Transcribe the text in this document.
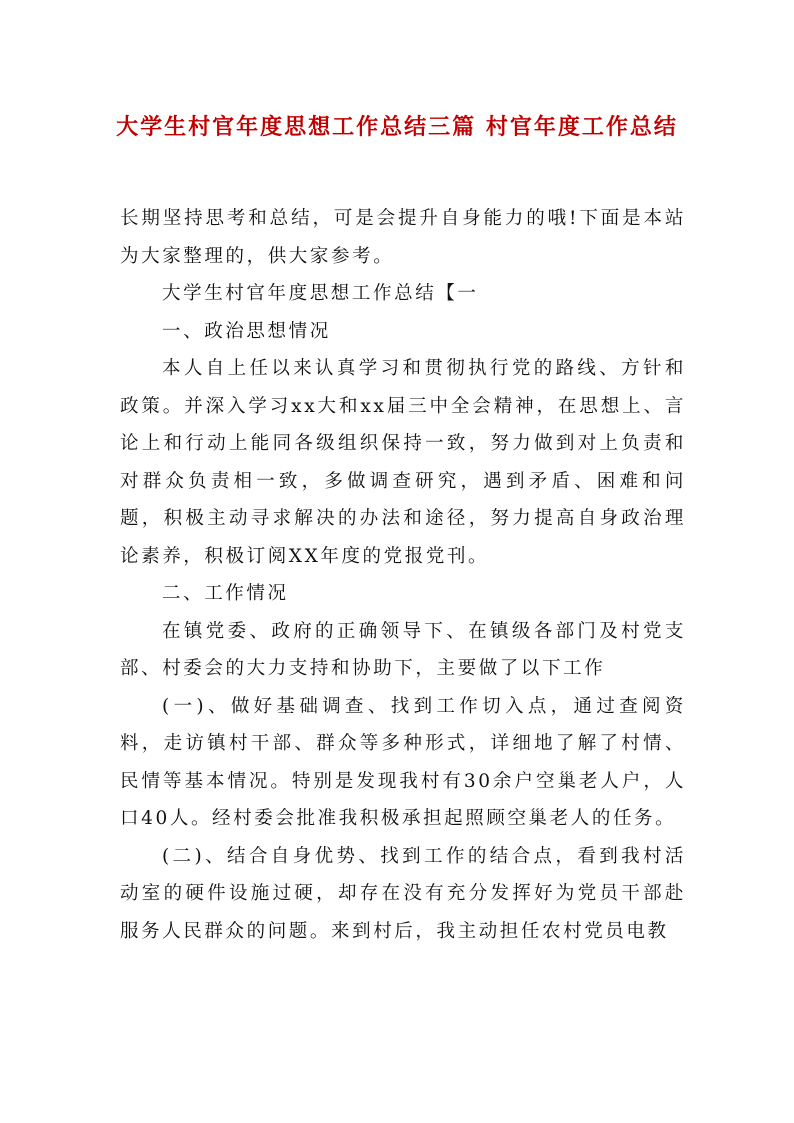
大学生村官年度思想工作总结三篇 村官年度工作总结

长期坚持思考和总结，可是会提升自身能力的哦!下面是本站为大家整理的，供大家参考。

大学生村官年度思想工作总结【一

一、政治思想情况

本人自上任以来认真学习和贯彻执行党的路线、方针和政策。并深入学习xx大和xx届三中全会精神，在思想上、言论上和行动上能同各级组织保持一致，努力做到对上负责和对群众负责相一致，多做调查研究，遇到矛盾、困难和问题，积极主动寻求解决的办法和途径，努力提高自身政治理论素养，积极订阅XX年度的党报党刊。

二、工作情况

在镇党委、政府的正确领导下、在镇级各部门及村党支部、村委会的大力支持和协助下，主要做了以下工作

(一)、做好基础调查、找到工作切入点，通过查阅资料，走访镇村干部、群众等多种形式，详细地了解了村情、民情等基本情况。特别是发现我村有30余户空巢老人户，人口40人。经村委会批准我积极承担起照顾空巢老人的任务。

(二)、结合自身优势、找到工作的结合点，看到我村活动室的硬件设施过硬，却存在没有充分发挥好为党员干部赴服务人民群众的问题。来到村后，我主动担任农村党员电教
